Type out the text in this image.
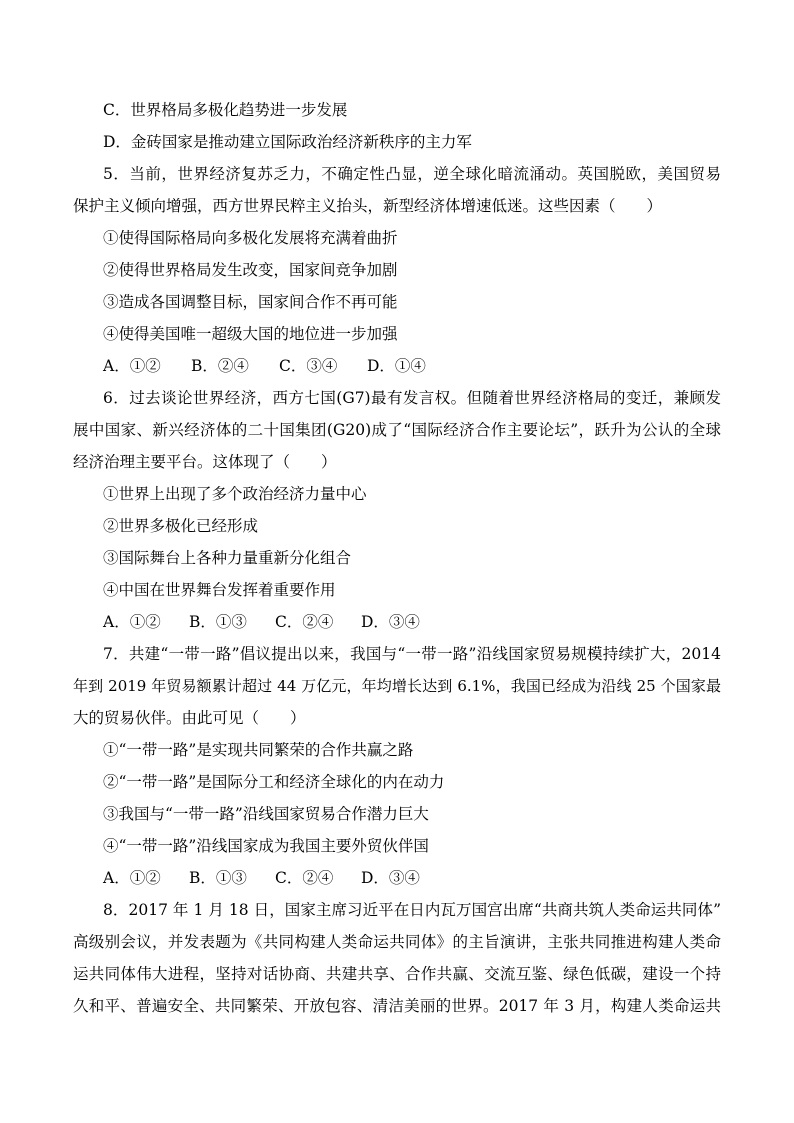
C．世界格局多极化趋势进一步发展
D．金砖国家是推动建立国际政治经济新秩序的主力军
5．当前，世界经济复苏乏力，不确定性凸显，逆全球化暗流涌动。英国脱欧，美国贸易
保护主义倾向增强，西方世界民粹主义抬头，新型经济体增速低迷。这些因素（　　）
①使得国际格局向多极化发展将充满着曲折
②使得世界格局发生改变，国家间竞争加剧
③造成各国调整目标，国家间合作不再可能
④使得美国唯一超级大国的地位进一步加强
A．①② B．②④ C．③④ D．①④
6．过去谈论世界经济，西方七国(G7)最有发言权。但随着世界经济格局的变迁，兼顾发
展中国家、新兴经济体的二十国集团(G20)成了“国际经济合作主要论坛”，跃升为公认的全球
经济治理主要平台。这体现了（　　）
①世界上出现了多个政治经济力量中心
②世界多极化已经形成
③国际舞台上各种力量重新分化组合
④中国在世界舞台发挥着重要作用
A．①② B．①③ C．②④ D．③④
7．共建“一带一路”倡议提出以来，我国与“一带一路”沿线国家贸易规模持续扩大，2014
年到 2019 年贸易额累计超过 44 万亿元，年均增长达到 6.1%，我国已经成为沿线 25 个国家最
大的贸易伙伴。由此可见（　　）
①“一带一路”是实现共同繁荣的合作共赢之路
②“一带一路”是国际分工和经济全球化的内在动力
③我国与“一带一路”沿线国家贸易合作潜力巨大
④“一带一路”沿线国家成为我国主要外贸伙伴国
A．①② B．①③ C．②④ D．③④
8．2017 年 1 月 18 日，国家主席习近平在日内瓦万国宫出席“共商共筑人类命运共同体”
高级别会议，并发表题为《共同构建人类命运共同体》的主旨演讲，主张共同推进构建人类命
运共同体伟大进程，坚持对话协商、共建共享、合作共赢、交流互鉴、绿色低碳，建设一个持
久和平、普遍安全、共同繁荣、开放包容、清洁美丽的世界。2017 年 3 月，构建人类命运共
